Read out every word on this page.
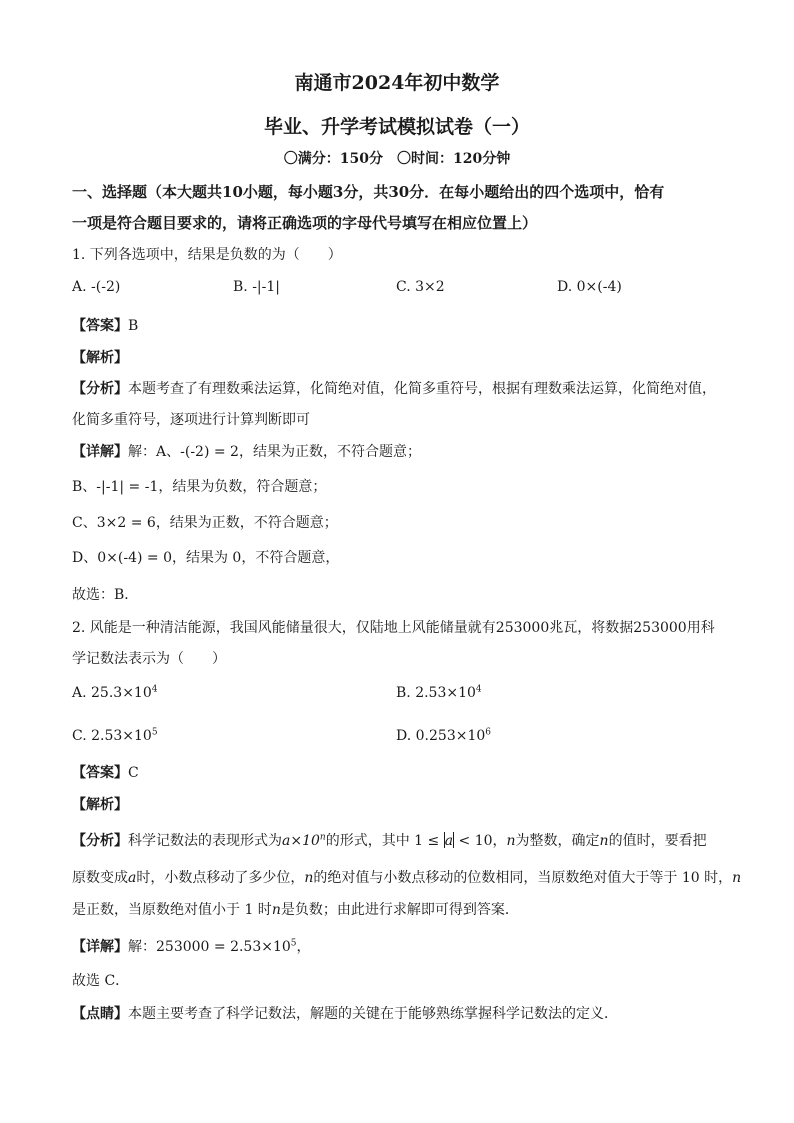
南通市2024年初中数学
毕业、升学考试模拟试卷（一）
〇满分：150分　〇时间：120分钟
一、选择题（本大题共10小题，每小题3分，共30分．在每小题给出的四个选项中，恰有
一项是符合题目要求的，请将正确选项的字母代号填写在相应位置上）
1. 下列各选项中，结果是负数的为（　　）
A. -(-2)	B. -|-1|	C. 3×2	D. 0×(-4)
【答案】B
【解析】
【分析】本题考查了有理数乘法运算，化简绝对值，化简多重符号，根据有理数乘法运算，化简绝对值，
化简多重符号，逐项进行计算判断即可
【详解】解：A、-(-2) = 2，结果为正数，不符合题意；
B、-|-1| = -1，结果为负数，符合题意；
C、3×2 = 6，结果为正数，不符合题意；
D、0×(-4) = 0，结果为 0，不符合题意，
故选：B．
2. 风能是一种清洁能源，我国风能储量很大，仅陆地上风能储量就有253000兆瓦，将数据253000用科
学记数法表示为（　　）
A. $25.3\times 10^4$	B. $2.53\times 10^4$
C. $2.53\times 10^5$	D. $0.253\times 10^6$
【答案】C
【解析】
【分析】科学记数法的表现形式为$a\times 10^n$的形式，其中 1 ≤ a < 10，n为整数，确定n的值时，要看把
原数变成a时，小数点移动了多少位，n的绝对值与小数点移动的位数相同，当原数绝对值大于等于 10 时，n
是正数，当原数绝对值小于 1 时n是负数；由此进行求解即可得到答案．
【详解】解：$253000 = 2.53\times 10^5$，
故选 C．
【点睛】本题主要考查了科学记数法，解题的关键在于能够熟练掌握科学记数法的定义．
